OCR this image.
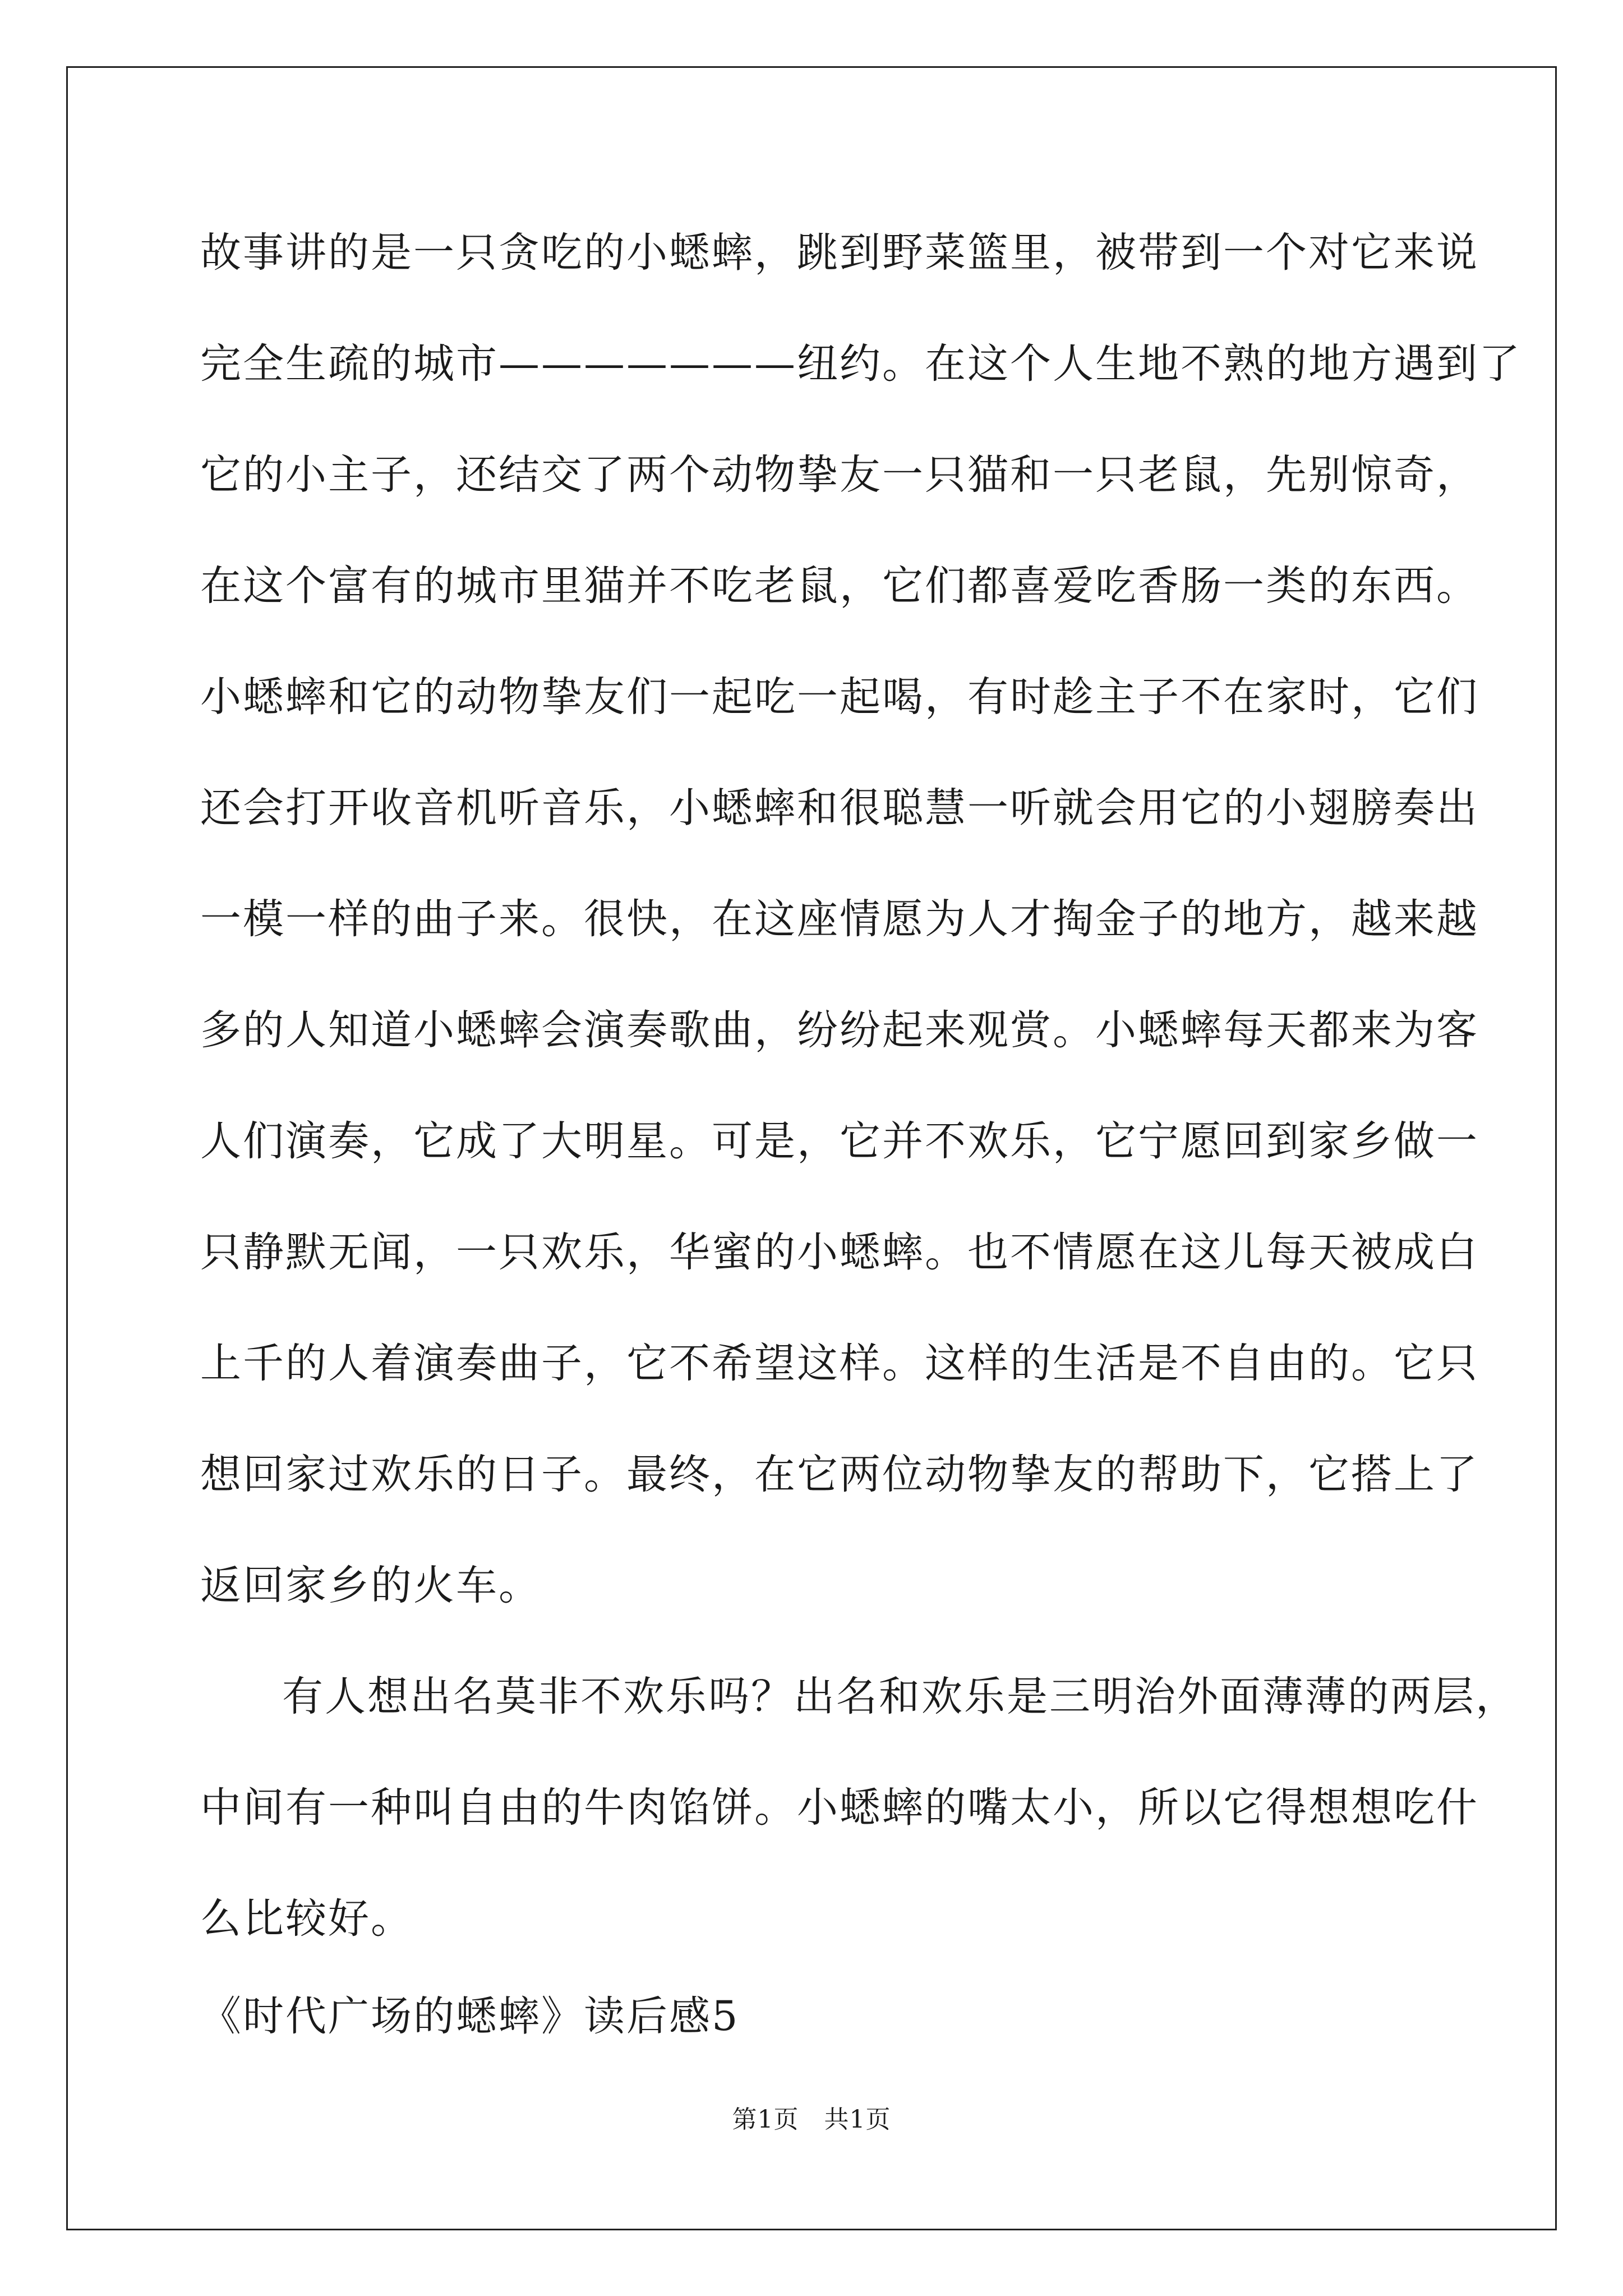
故事讲的是一只贪吃的小蟋蟀，跳到野菜篮里，被带到一个对它来说
完全生疏的城市———————纽约。在这个人生地不熟的地方遇到了
它的小主子，还结交了两个动物挚友一只猫和一只老鼠，先别惊奇，
在这个富有的城市里猫并不吃老鼠，它们都喜爱吃香肠一类的东西。
小蟋蟀和它的动物挚友们一起吃一起喝，有时趁主子不在家时，它们
还会打开收音机听音乐，小蟋蟀和很聪慧一听就会用它的小翅膀奏出
一模一样的曲子来。很快，在这座情愿为人才掏金子的地方，越来越
多的人知道小蟋蟀会演奏歌曲，纷纷起来观赏。小蟋蟀每天都来为客
人们演奏，它成了大明星。可是，它并不欢乐，它宁愿回到家乡做一
只静默无闻，一只欢乐，华蜜的小蟋蟀。也不情愿在这儿每天被成白
上千的人着演奏曲子，它不希望这样。这样的生活是不自由的。它只
想回家过欢乐的日子。最终，在它两位动物挚友的帮助下，它搭上了
返回家乡的火车。
有人想出名莫非不欢乐吗？出名和欢乐是三明治外面薄薄的两层，
中间有一种叫自由的牛肉馅饼。小蟋蟀的嘴太小，所以它得想想吃什
么比较好。
《时代广场的蟋蟀》读后感5
第1页　共1页
